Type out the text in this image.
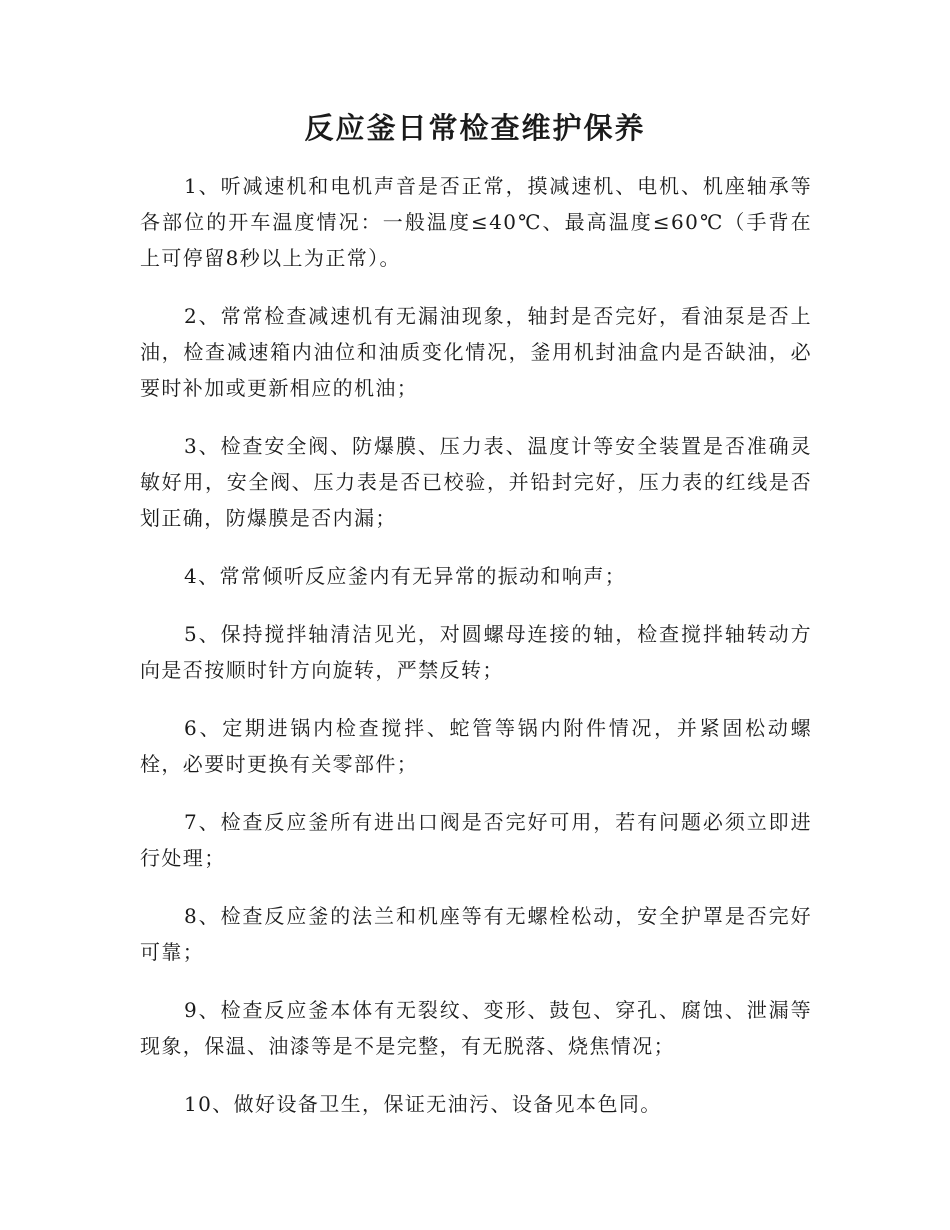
反应釜日常检查维护保养

1、听减速机和电机声音是否正常，摸减速机、电机、机座轴承等各部位的开车温度情况：一般温度≤40℃、最高温度≤60℃（手背在上可停留8秒以上为正常）。

2、常常检查减速机有无漏油现象，轴封是否完好，看油泵是否上油，检查减速箱内油位和油质变化情况，釜用机封油盒内是否缺油，必要时补加或更新相应的机油；

3、检查安全阀、防爆膜、压力表、温度计等安全装置是否准确灵敏好用，安全阀、压力表是否已校验，并铅封完好，压力表的红线是否划正确，防爆膜是否内漏；

4、常常倾听反应釜内有无异常的振动和响声；

5、保持搅拌轴清洁见光，对圆螺母连接的轴，检查搅拌轴转动方向是否按顺时针方向旋转，严禁反转；

6、定期进锅内检查搅拌、蛇管等锅内附件情况，并紧固松动螺栓，必要时更换有关零部件；

7、检查反应釜所有进出口阀是否完好可用，若有问题必须立即进行处理；

8、检查反应釜的法兰和机座等有无螺栓松动，安全护罩是否完好可靠；

9、检查反应釜本体有无裂纹、变形、鼓包、穿孔、腐蚀、泄漏等现象，保温、油漆等是不是完整，有无脱落、烧焦情况；

10、做好设备卫生，保证无油污、设备见本色同。
